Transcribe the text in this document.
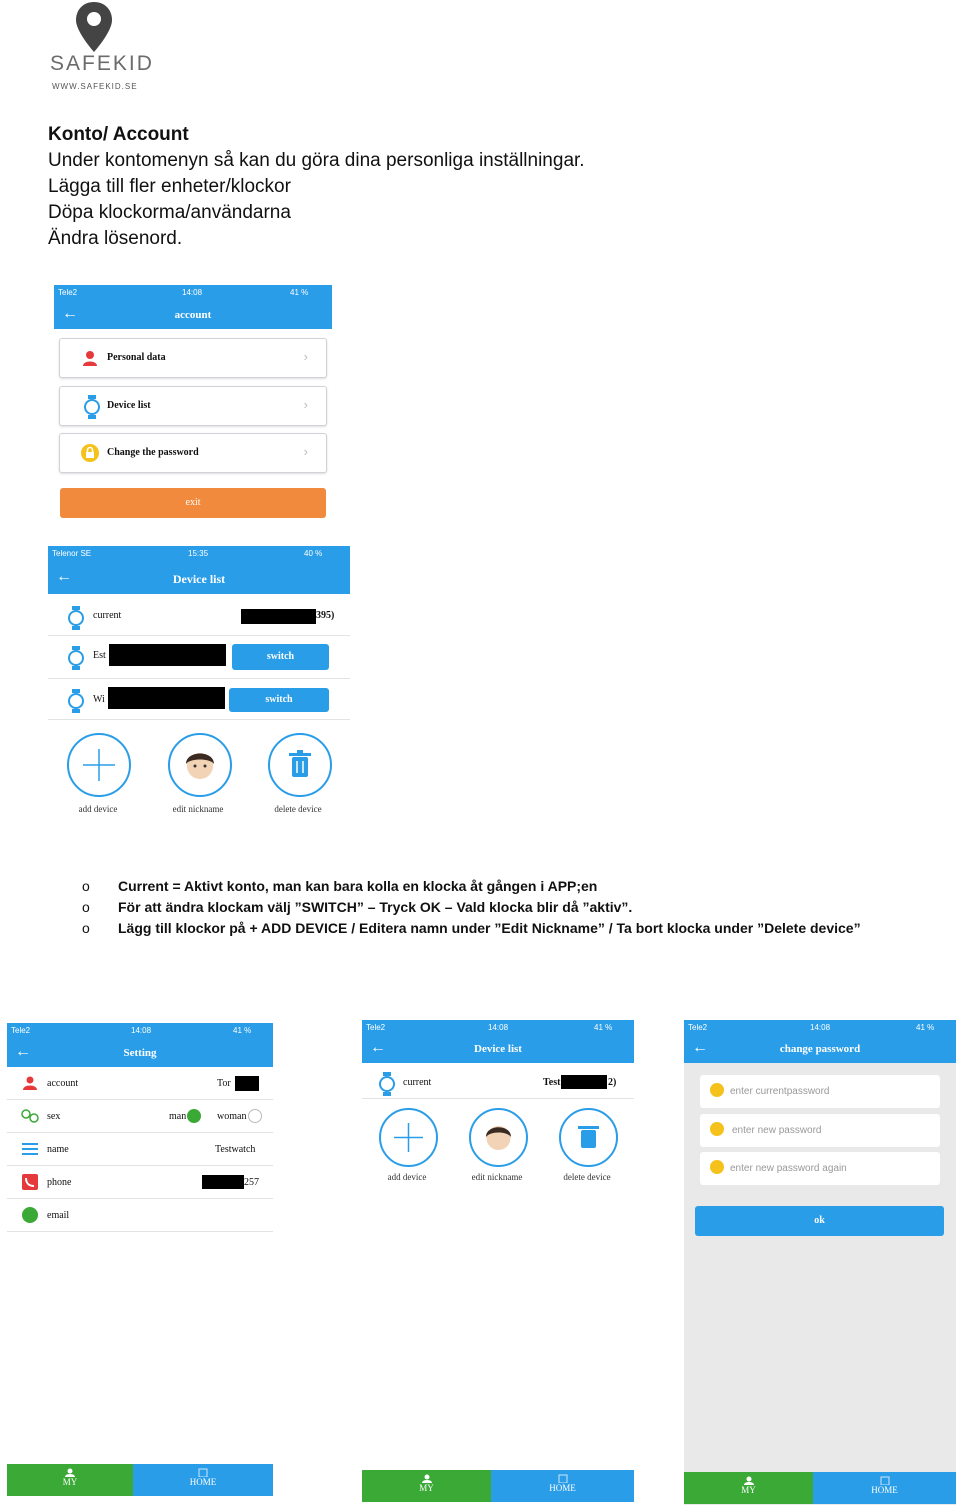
SAFEKID
WWW.SAFEKID.SE
Konto/ Account
Under kontomenyn så kan du göra dina personliga inställningar.
Lägga till fler enheter/klockor
Döpa klockorma/användarna
Ändra lösenord.
Tele2	14:08	41 %
←	account
Personal data	›
Device list	›
Change the password	›
exit
Telenor SE	15:35	40 %
←	Device list
current	395)
Est	switch
Wi	switch
add device	edit nickname	delete device
o Current = Aktivt konto, man kan bara kolla en klocka åt gången i APP;en
o För att ändra klockam välj ”SWITCH” – Tryck OK – Vald klocka blir då ”aktiv”.
o Lägg till klockor på + ADD DEVICE / Editera namn under ”Edit Nickname” / Ta bort klocka under ”Delete device”
Tele2	14:08	41 %
←	Setting
account	Tor
sex	man	woman
name	Testwatch
phone	257
email
MY	HOME
Tele2	14:08	41 %
←	Device list
current	Test	2)
add device	edit nickname	delete device
MY	HOME
Tele2	14:08	41 %
←	change password
enter currentpassword
enter new password
enter new password again
ok
MY	HOME
